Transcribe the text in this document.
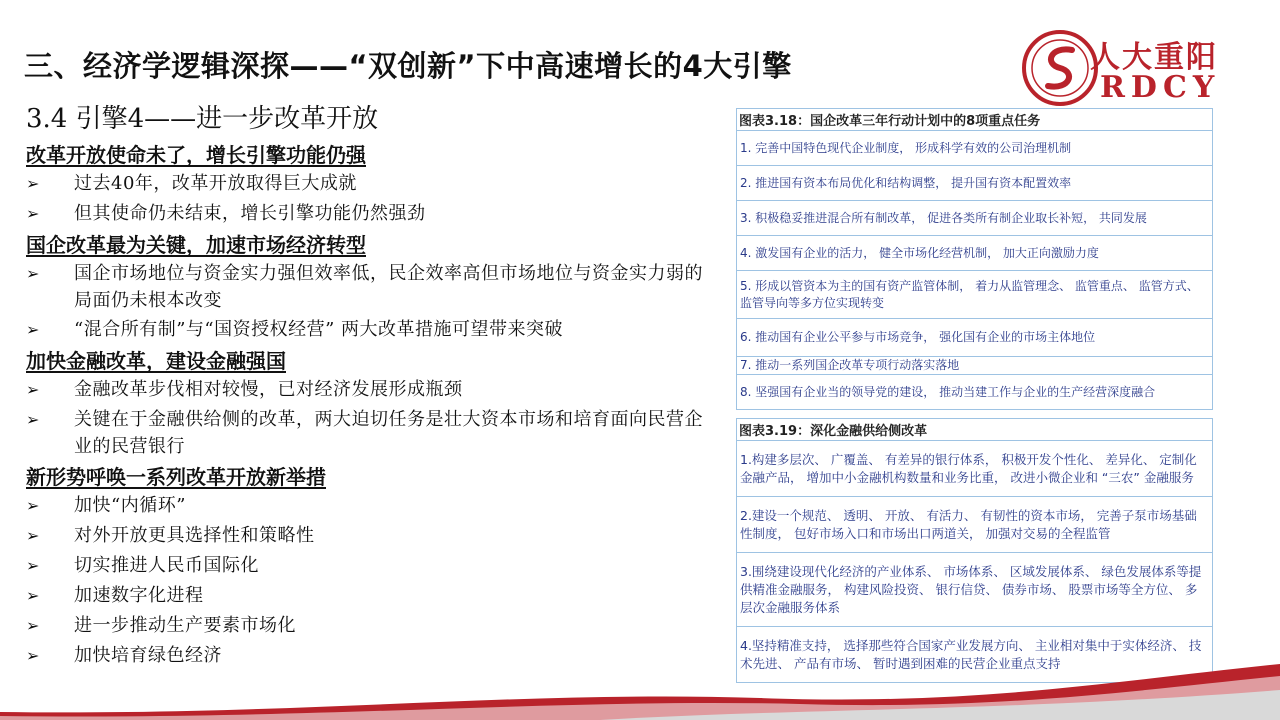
三、经济学逻辑深探——“双创新”下中高速增长的4大引擎	人大重阳
RDCY
3.4 引擎4——进一步改革开放
改革开放使命未了，增长引擎功能仍强
➢ 过去40年，改革开放取得巨大成就
➢ 但其使命仍未结束，增长引擎功能仍然强劲
国企改革最为关键，加速市场经济转型
➢ 国企市场地位与资金实力强但效率低，民企效率高但市场地位与资金实力弱的局面仍未根本改变
➢ “混合所有制”与“国资授权经营” 两大改革措施可望带来突破
加快金融改革，建设金融强国
➢ 金融改革步伐相对较慢，已对经济发展形成瓶颈
➢ 关键在于金融供给侧的改革，两大迫切任务是壮大资本市场和培育面向民营企业的民营银行
新形势呼唤一系列改革开放新举措
➢ 加快“内循环”
➢ 对外开放更具选择性和策略性
➢ 切实推进人民币国际化
➢ 加速数字化进程
➢ 进一步推动生产要素市场化
➢ 加快培育绿色经济
图表3.18：国企改革三年行动计划中的8项重点任务
1. 完善中国特色现代企业制度， 形成科学有效的公司治理机制
2. 推进国有资本布局优化和结构调整， 提升国有资本配置效率
3. 积极稳妥推进混合所有制改革， 促进各类所有制企业取长补短， 共同发展
4. 激发国有企业的活力， 健全市场化经营机制， 加大正向激励力度
5. 形成以管资本为主的国有资产监管体制， 着力从监管理念、 监管重点、 监管方式、 监管导向等多方位实现转变
6. 推动国有企业公平参与市场竞争， 强化国有企业的市场主体地位
7. 推动一系列国企改革专项行动落实落地
8. 坚强国有企业当的领导党的建设， 推动当建工作与企业的生产经营深度融合
图表3.19：深化金融供给侧改革
1.构建多层次、 广覆盖、 有差异的银行体系， 积极开发个性化、 差异化、 定制化金融产品， 增加中小金融机构数量和业务比重， 改进小微企业和 “三农” 金融服务
2.建设一个规范、 透明、 开放、 有活力、 有韧性的资本市场， 完善子泵市场基础性制度， 包好市场入口和市场出口两道关， 加强对交易的全程监管
3.围绕建设现代化经济的产业体系、 市场体系、 区域发展体系、 绿色发展体系等提供精准金融服务， 构建风险投资、 银行信贷、 债券市场、 股票市场等全方位、 多层次金融服务体系
4.坚持精准支持， 选择那些符合国家产业发展方向、 主业相对集中于实体经济、 技术先进、 产品有市场、 暂时遇到困难的民营企业重点支持
